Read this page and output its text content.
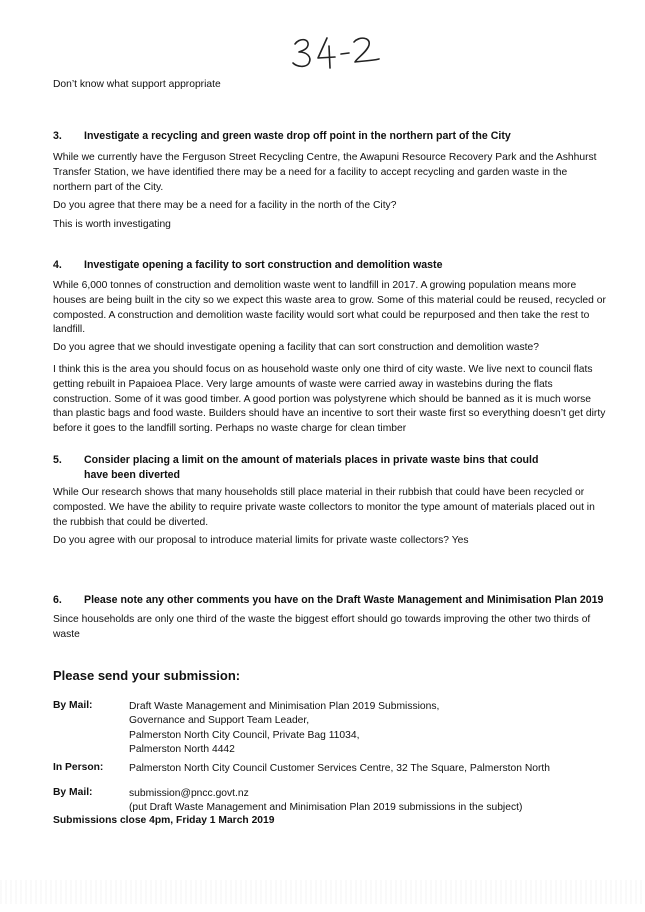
Don’t know what support appropriate
3. Investigate a recycling and green waste drop off point in the northern part of the City

While we currently have the Ferguson Street Recycling Centre, the Awapuni Resource Recovery Park and the Ashhurst Transfer Station, we have identified there may be a need for a facility to accept recycling and garden waste in the northern part of the City.

Do you agree that there may be a need for a facility in the north of the City?

This is worth investigating

4. Investigate opening a facility to sort construction and demolition waste

While 6,000 tonnes of construction and demolition waste went to landfill in 2017. A growing population means more houses are being built in the city so we expect this waste area to grow. Some of this material could be reused, recycled or composted. A construction and demolition waste facility would sort what could be repurposed and then take the rest to landfill.

Do you agree that we should investigate opening a facility that can sort construction and demolition waste?

I think this is the area you should focus on as household waste only one third of city waste. We live next to council flats getting rebuilt in Papaioea Place. Very large amounts of waste were carried away in wastebins during the flats construction. Some of it was good timber. A good portion was polystyrene which should be banned as it is much worse than plastic bags and food waste. Builders should have an incentive to sort their waste first so everything doesn’t get dirty before it goes to the landfill sorting. Perhaps no waste charge for clean timber

5. Consider placing a limit on the amount of materials places in private waste bins that could have been diverted

While Our research shows that many households still place material in their rubbish that could have been recycled or composted. We have the ability to require private waste collectors to monitor the type amount of materials placed out in the rubbish that could be diverted.

Do you agree with our proposal to introduce material limits for private waste collectors? Yes

6. Please note any other comments you have on the Draft Waste Management and Minimisation Plan 2019

Since households are only one third of the waste the biggest effort should go towards improving the other two thirds of waste

Please send your submission:
By Mail:	Draft Waste Management and Minimisation Plan 2019 Submissions,
Governance and Support Team Leader,
Palmerston North City Council, Private Bag 11034,
Palmerston North 4442
In Person: Palmerston North City Council Customer Services Centre, 32 The Square, Palmerston North
By Mail:	submission@pncc.govt.nz
(put Draft Waste Management and Minimisation Plan 2019 submissions in the subject)
Submissions close 4pm, Friday 1 March 2019
